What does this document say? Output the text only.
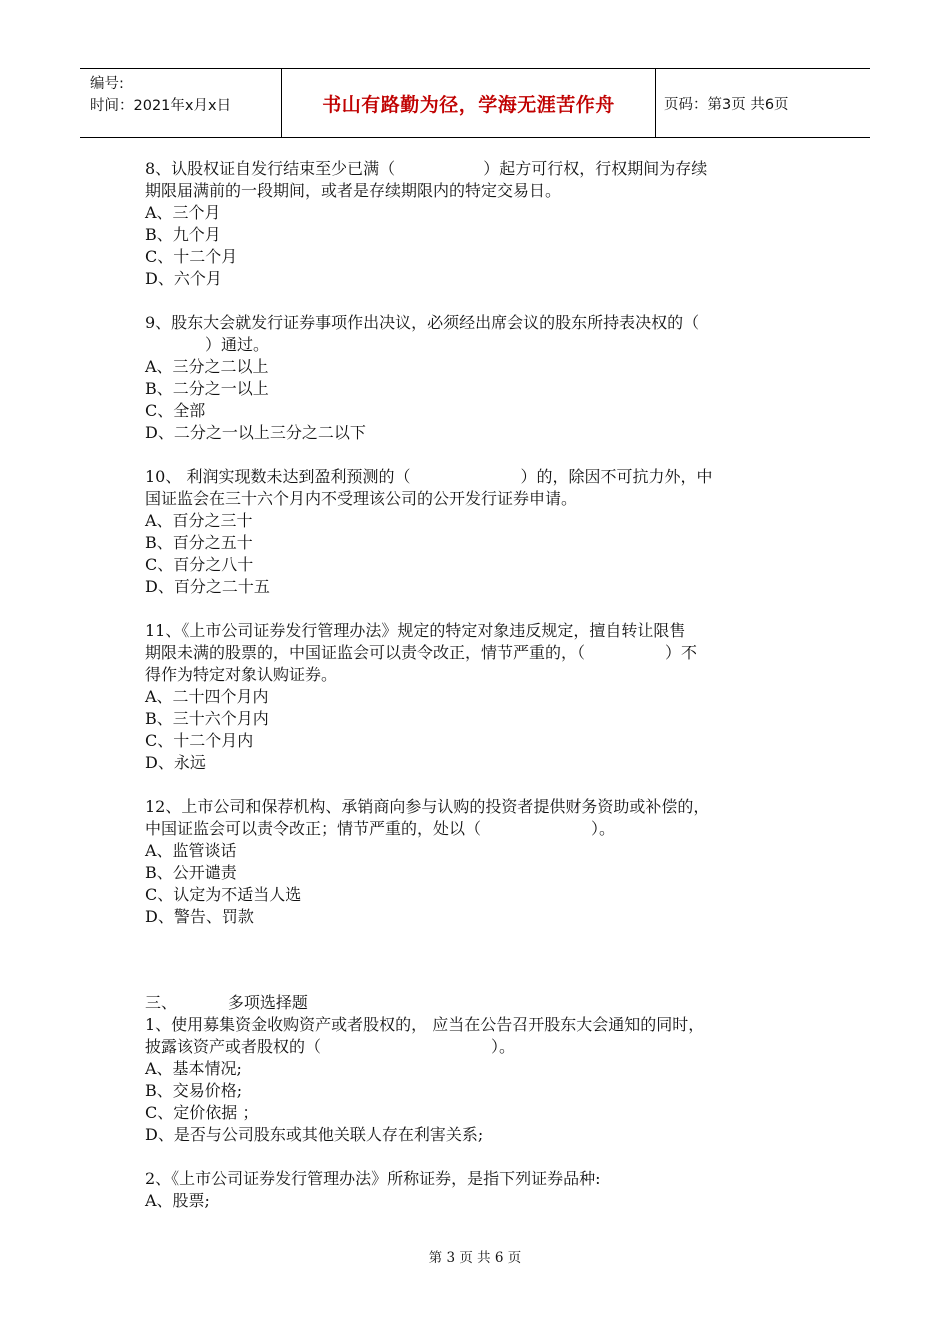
编号:
时间：2021年x月x日	书山有路勤为径，学海无涯苦作舟	页码：第3页 共6页
8、认股权证自发行结束至少已满（	）起方可行权，行权期间为存续
期限届满前的一段期间，或者是存续期限内的特定交易日。
A、三个月
B、九个月
C、十二个月
D、六个月
9、股东大会就发行证券事项作出决议，必须经出席会议的股东所持表决权的（
）通过。
A、三分之二以上
B、二分之一以上
C、全部
D、二分之一以上三分之二以下
10、 利润实现数未达到盈利预测的（	）的，除因不可抗力外，中
国证监会在三十六个月内不受理该公司的公开发行证券申请。
A、百分之三十
B、百分之五十
C、百分之八十
D、百分之二十五
11、《上市公司证券发行管理办法》规定的特定对象违反规定，擅自转让限售
期限未满的股票的，中国证监会可以责令改正，情节严重的，（	）不
得作为特定对象认购证券。
A、二十四个月内
B、三十六个月内
C、十二个月内
D、永远
12、上市公司和保荐机构、承销商向参与认购的投资者提供财务资助或补偿的，
中国证监会可以责令改正；情节严重的，处以（	）。
A、监管谈话
B、公开谴责
C、认定为不适当人选
D、警告、罚款
三、          多项选择题
1、使用募集资金收购资产或者股权的， 应当在公告召开股东大会通知的同时，
披露该资产或者股权的（	）。
A、基本情况;
B、交易价格;
C、定价依据 ；
D、是否与公司股东或其他关联人存在利害关系;
2、《上市公司证券发行管理办法》所称证券，是指下列证券品种:
A、股票;
第 3 页 共 6 页
